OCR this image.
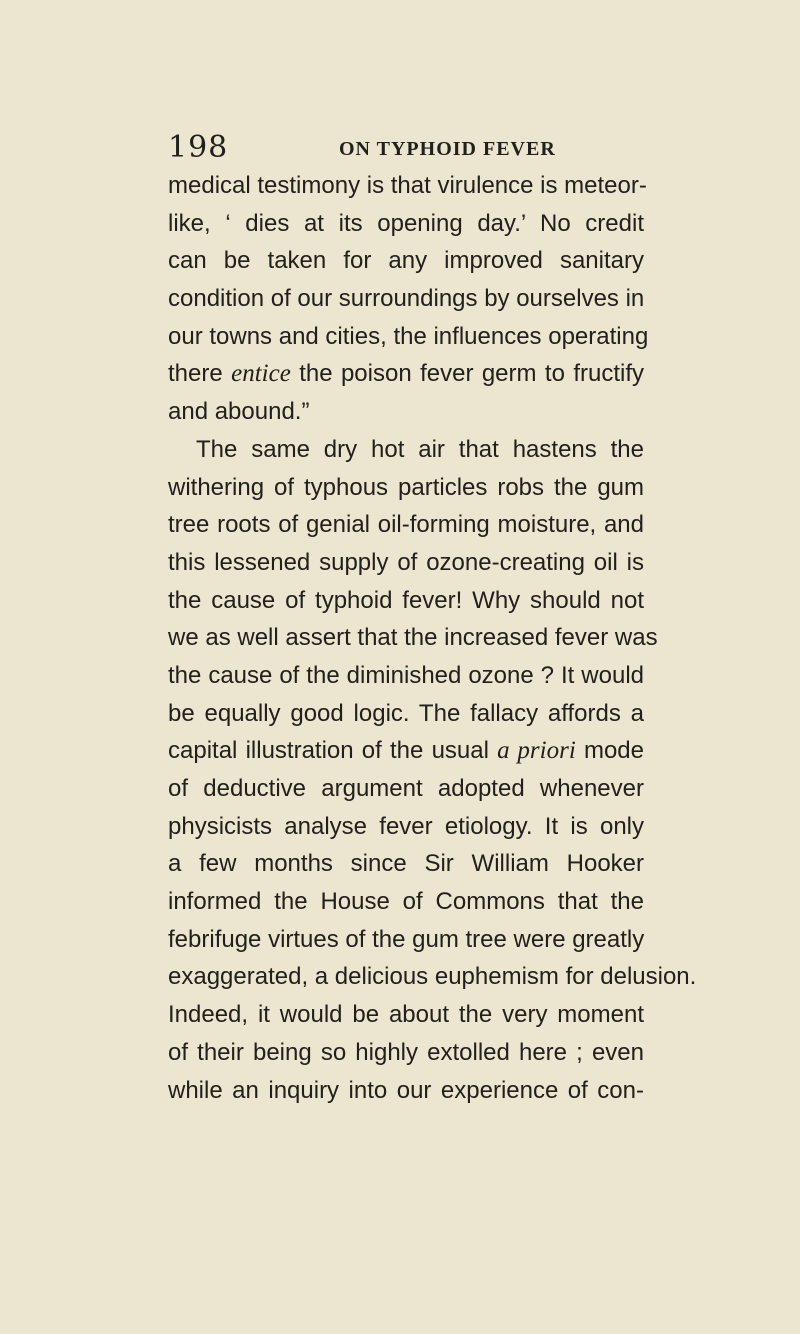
198	ON TYPHOID FEVER
medical testimony is that virulence is meteor-
like, ‘ dies at its opening day.’ No credit
can be taken for any improved sanitary
condition of our surroundings by ourselves in
our towns and cities, the influences operating
there entice the poison fever germ to fructify
and abound.”
The same dry hot air that hastens the
withering of typhous particles robs the gum
tree roots of genial oil-forming moisture, and
this lessened supply of ozone-creating oil is
the cause of typhoid fever! Why should not
we as well assert that the increased fever was
the cause of the diminished ozone ? It would
be equally good logic. The fallacy affords a
capital illustration of the usual a priori mode
of deductive argument adopted whenever
physicists analyse fever etiology. It is only
a few months since Sir William Hooker
informed the House of Commons that the
febrifuge virtues of the gum tree were greatly
exaggerated, a delicious euphemism for delusion.
Indeed, it would be about the very moment
of their being so highly extolled here ; even
while an inquiry into our experience of con-
